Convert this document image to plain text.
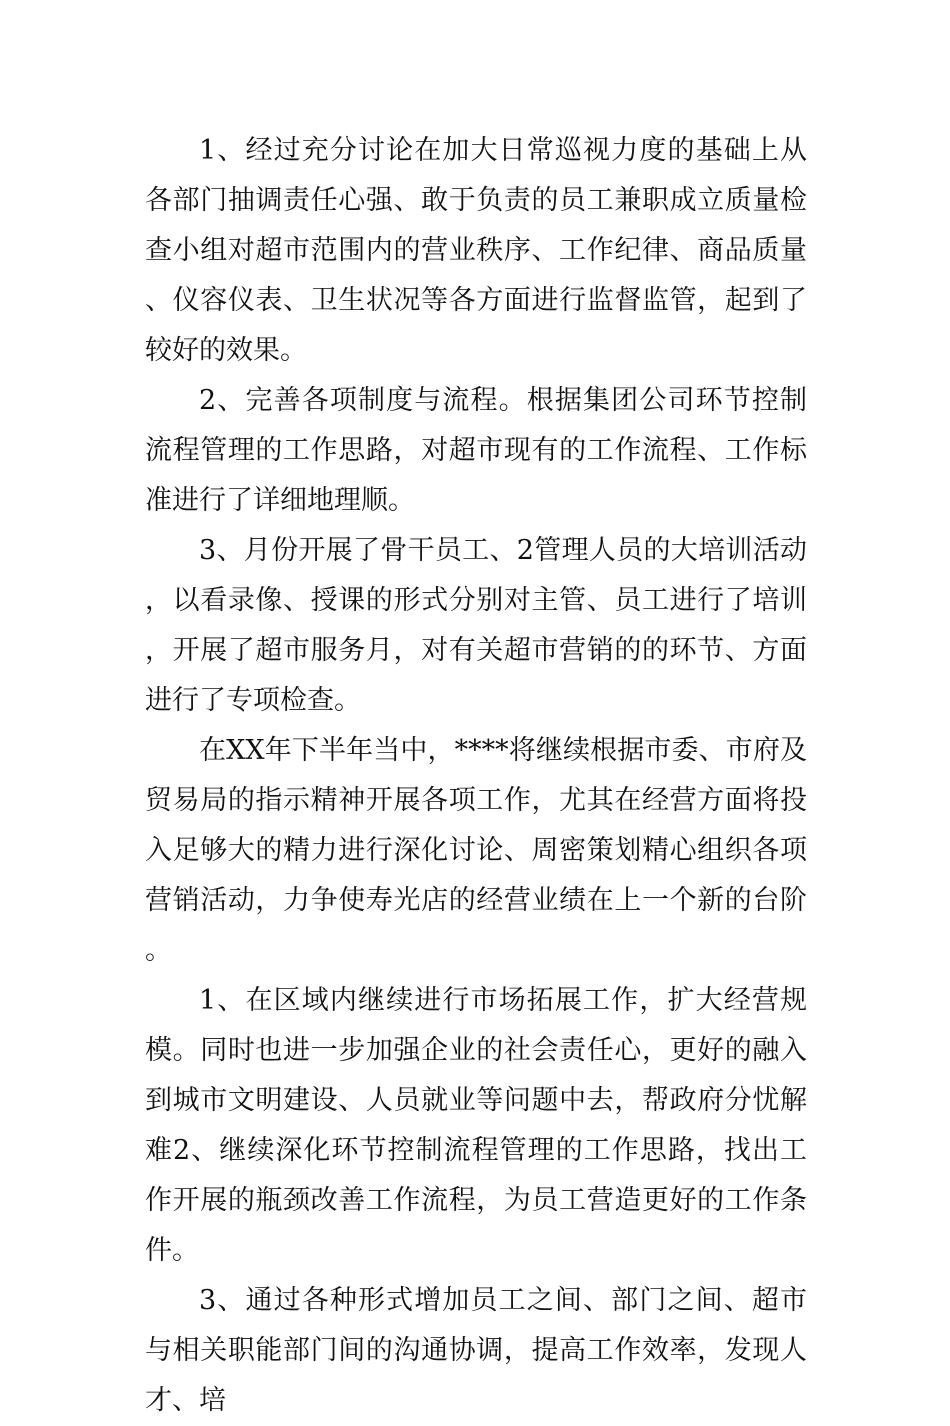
1、经过充分讨论在加大日常巡视力度的基础上从各部门抽调责任心强、敢于负责的员工兼职成立质量检查小组对超市范围内的营业秩序、工作纪律、商品质量、仪容仪表、卫生状况等各方面进行监督监管，起到了较好的效果。

2、完善各项制度与流程。根据集团公司环节控制流程管理的工作思路，对超市现有的工作流程、工作标准进行了详细地理顺。

3、月份开展了骨干员工、2管理人员的大培训活动，以看录像、授课的形式分别对主管、员工进行了培训，开展了超市服务月，对有关超市营销的的环节、方面进行了专项检查。

在XX年下半年当中，****将继续根据市委、市府及贸易局的指示精神开展各项工作，尤其在经营方面将投入足够大的精力进行深化讨论、周密策划精心组织各项营销活动，力争使寿光店的经营业绩在上一个新的台阶。

1、在区域内继续进行市场拓展工作，扩大经营规模。同时也进一步加强企业的社会责任心，更好的融入到城市文明建设、人员就业等问题中去，帮政府分忧解难2、继续深化环节控制流程管理的工作思路，找出工作开展的瓶颈改善工作流程，为员工营造更好的工作条件。

3、通过各种形式增加员工之间、部门之间、超市与相关职能部门间的沟通协调，提高工作效率，发现人才、培
